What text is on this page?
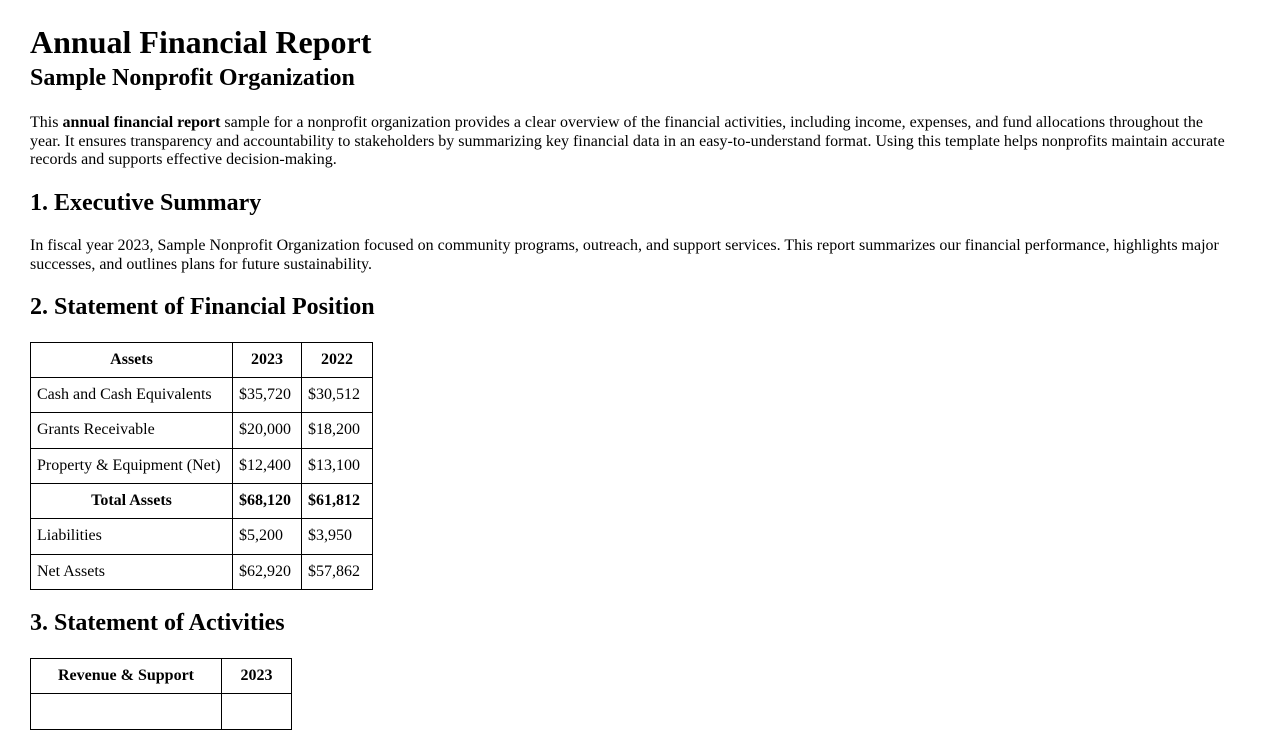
Annual Financial Report
Sample Nonprofit Organization

This annual financial report sample for a nonprofit organization provides a clear overview of the financial activities, including income, expenses, and fund allocations throughout the year. It ensures transparency and accountability to stakeholders by summarizing key financial data in an easy-to-understand format. Using this template helps nonprofits maintain accurate records and supports effective decision-making.

1. Executive Summary

In fiscal year 2023, Sample Nonprofit Organization focused on community programs, outreach, and support services. This report summarizes our financial performance, highlights major successes, and outlines plans for future sustainability.

2. Statement of Financial Position
Assets	2023	2022
Cash and Cash Equivalents	$35,720	$30,512
Grants Receivable	$20,000	$18,200
Property & Equipment (Net)	$12,400	$13,100
Total Assets	$68,120	$61,812
Liabilities	$5,200	$3,950
Net Assets	$62,920	$57,862
3. Statement of Activities
Revenue & Support	2023
